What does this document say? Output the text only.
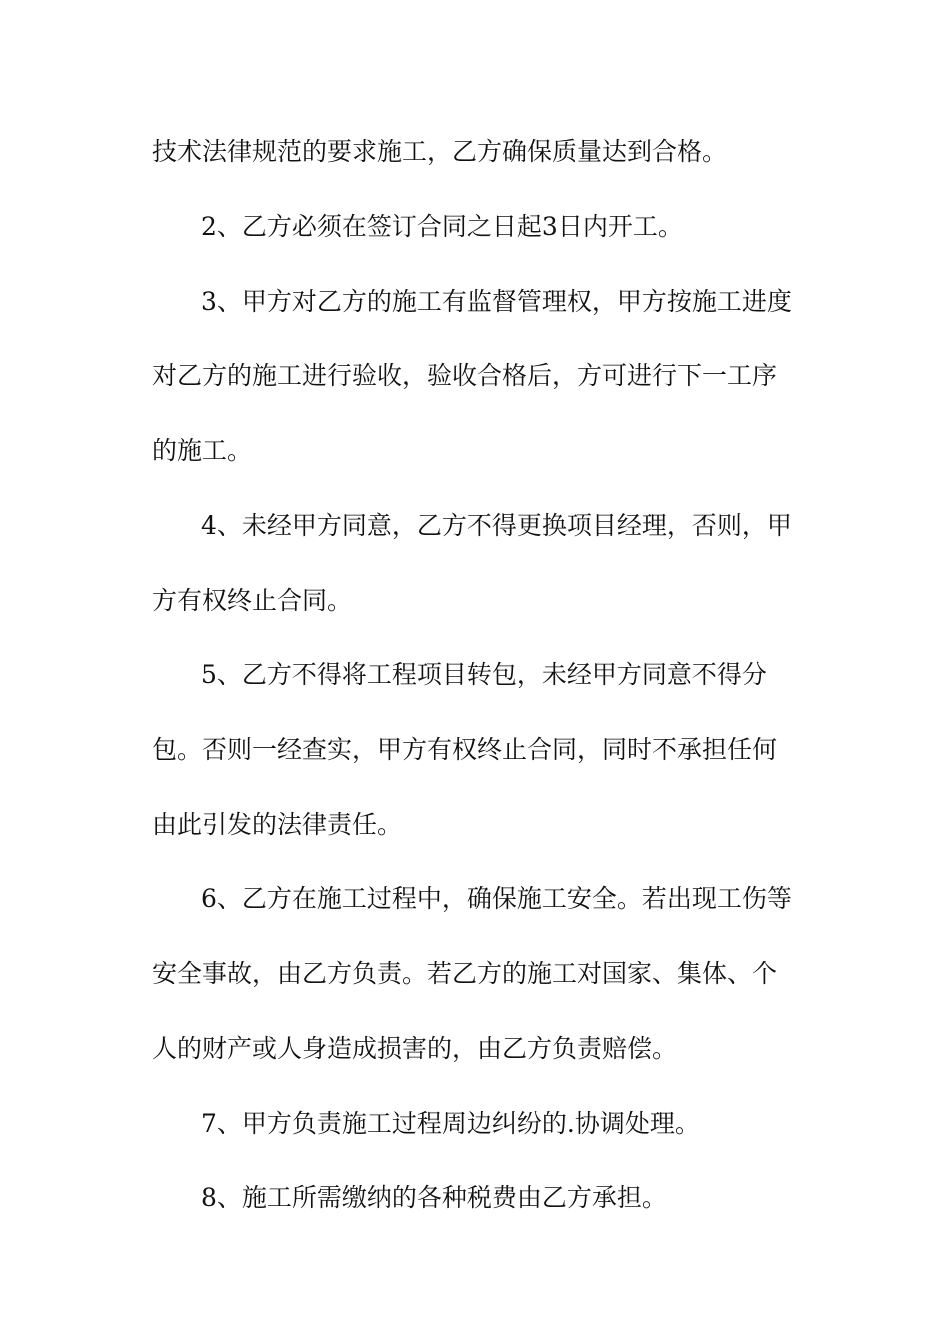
技术法律规范的要求施工，乙方确保质量达到合格。
2、乙方必须在签订合同之日起3日内开工。
3、甲方对乙方的施工有监督管理权，甲方按施工进度
对乙方的施工进行验收，验收合格后，方可进行下一工序
的施工。
4、未经甲方同意，乙方不得更换项目经理，否则，甲
方有权终止合同。
5、乙方不得将工程项目转包，未经甲方同意不得分
包。否则一经查实，甲方有权终止合同，同时不承担任何
由此引发的法律责任。
6、乙方在施工过程中，确保施工安全。若出现工伤等
安全事故，由乙方负责。若乙方的施工对国家、集体、个
人的财产或人身造成损害的，由乙方负责赔偿。
7、甲方负责施工过程周边纠纷的.协调处理。
8、施工所需缴纳的各种税费由乙方承担。
